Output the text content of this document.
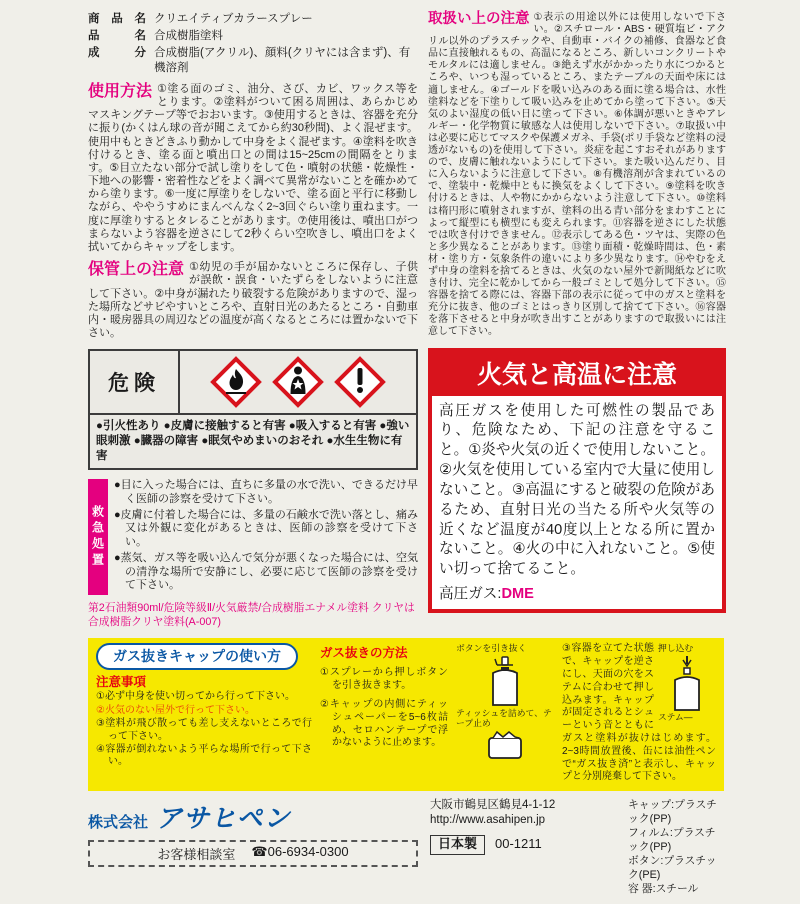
商品名 クリエイティブカラースプレー
品名 合成樹脂塗料
成分 合成樹脂(アクリル)、顔料(クリヤには含まず)、有機溶剤
使用方法 ①塗る面のゴミ、油分、さび、カビ、ワックス等をとります。②塗料がついて困る周囲は、あらかじめマスキングテープ等でおおいます。③使用するときは、容器を充分に振り(かくはん球の音が聞こえてから約30秒間)、よく混ぜます。使用中もときどきふり動かして中身をよく混ぜます。④塗料を吹き付けるとき、塗る面と噴出口との間は15~25cmの間隔をとります。⑤目立たない部分で試し塗りをして色・噴射の状態・乾燥性・下地への影響・密着性などをよく調べて異常がないことを確かめてから塗ります。⑥一度に厚塗りをしないで、塗る面と平行に移動しながら、ややうすめにまんべんなく2~3回ぐらい塗り重ねます。一度に厚塗りするとタレることがあります。⑦使用後は、噴出口がつまらないよう容器を逆さにして2秒くらい空吹きし、噴出口をよく拭いてからキャップをします。
保管上の注意 ①幼児の手が届かないところに保存し、子供が誤飲・誤食・いたずらをしないように注意して下さい。②中身が漏れたり破裂する危険がありますので、湿った場所などサビやすいところや、直射日光のあたるところ・自動車内・暖房器具の周辺などの温度が高くなるところには置かないで下さい。
危険
●引火性あり ●皮膚に接触すると有害 ●吸入すると有害 ●強い眼刺激 ●臓器の障害 ●眠気やめまいのおそれ ●水生生物に有害
救急処置
●目に入った場合には、直ちに多量の水で洗い、できるだけ早く医師の診察を受けて下さい。
●皮膚に付着した場合には、多量の石鹸水で洗い落とし、痛み又は外観に変化があるときは、医師の診察を受けて下さい。
●蒸気、ガス等を吸い込んで気分が悪くなった場合には、空気の清浄な場所で安静にし、必要に応じて医師の診察を受けて下さい。
第2石油類90ml/危険等級Ⅱ/火気厳禁/合成樹脂エナメル塗料 クリヤは合成樹脂クリヤ塗料(A-007)
取扱い上の注意 ①表示の用途以外には使用しないで下さい。②スチロール・ABS・硬質塩ビ・アクリル以外のプラスチックや、自動車・バイクの補修、食器など食品に直接触れるもの、高温になるところ、新しいコンクリートやモルタルには適しません。③絶えず水がかかったり水につかるところや、いつも湿っているところ、またテーブルの天面や床には適しません。④ゴールドを吸い込みのある面に塗る場合は、水性塗料などを下塗りして吸い込みを止めてから塗って下さい。⑤天気のよい湿度の低い日に塗って下さい。⑥体調が悪いときやアレルギー・化学物質に敏感な人は使用しないで下さい。⑦取扱い中は必要に応じてマスクや保護メガネ、手袋(ポリ手袋など塗料の浸透がないもの)を使用して下さい。炎症を起こすおそれがありますので、皮膚に触れないようにして下さい。また吸い込んだり、目に入らないように注意して下さい。⑧有機溶剤が含まれているので、塗装中・乾燥中ともに換気をよくして下さい。⑨塗料を吹き付けるときは、人や物にかからないよう注意して下さい。⑩塗料は楕円形に噴射されますが、塗料の出る青い部分をまわすことによって縦型にも横型にも変えられます。⑪容器を逆さにした状態では吹き付けできません。⑫表示してある色・ツヤは、実際の色と多少異なることがあります。⑬塗り面積・乾燥時間は、色・素材・塗り方・気象条件の違いにより多少異なります。⑭やむをえず中身の塗料を捨てるときは、火気のない屋外で新聞紙などに吹き付け、完全に乾かしてから一般ゴミとして処分して下さい。⑮容器を捨てる際には、容器下部の表示に従って中のガスと塗料を充分に抜き、他のゴミとはっきり区別して捨てて下さい。⑯容器を落下させると中身が吹き出すことがありますので取扱いには注意して下さい。
火気と高温に注意
高圧ガスを使用した可燃性の製品であり、危険なため、下記の注意を守ること。①炎や火気の近くで使用しないこと。②火気を使用している室内で大量に使用しないこと。③高温にすると破裂の危険があるため、直射日光の当たる所や火気等の近くなど温度が40度以上となる所に置かないこと。④火の中に入れないこと。⑤使い切って捨てること。
高圧ガス:DME
ガス抜きキャップの使い方
注意事項
①必ず中身を使い切ってから行って下さい。
②火気のない屋外で行って下さい。
③塗料が飛び散っても差し支えないところで行って下さい。
④容器が倒れないよう平らな場所で行って下さい。
ガス抜きの方法
①スプレーから押しボタンを引き抜きます。
②キャップの内側にティッシュペーパーを5~6枚詰め、セロハンテープで浮かないように止めます。
ボタンを引き抜く
ティッシュを詰めて、テープ止め
押し込む
ステム―
③容器を立てた状態で、キャップを逆さにし、天面の穴をステムに合わせて押し込みます。キャップが固定されるとシューという音とともにガスと塗料が抜けはじめます。2~3時間放置後、缶には油性ペンで“ガス抜き済”と表示し、キャップと分別廃棄して下さい。
株式会社 アサヒペン
お客様相談室 ☎06-6934-0300
大阪市鶴見区鶴見4-1-12
http://www.asahipen.jp
日本製	00-1211
キャップ:プラスチック(PP)
フィルム:プラスチック(PP)
ボタン:プラスチック(PE)
容 器:スチール
